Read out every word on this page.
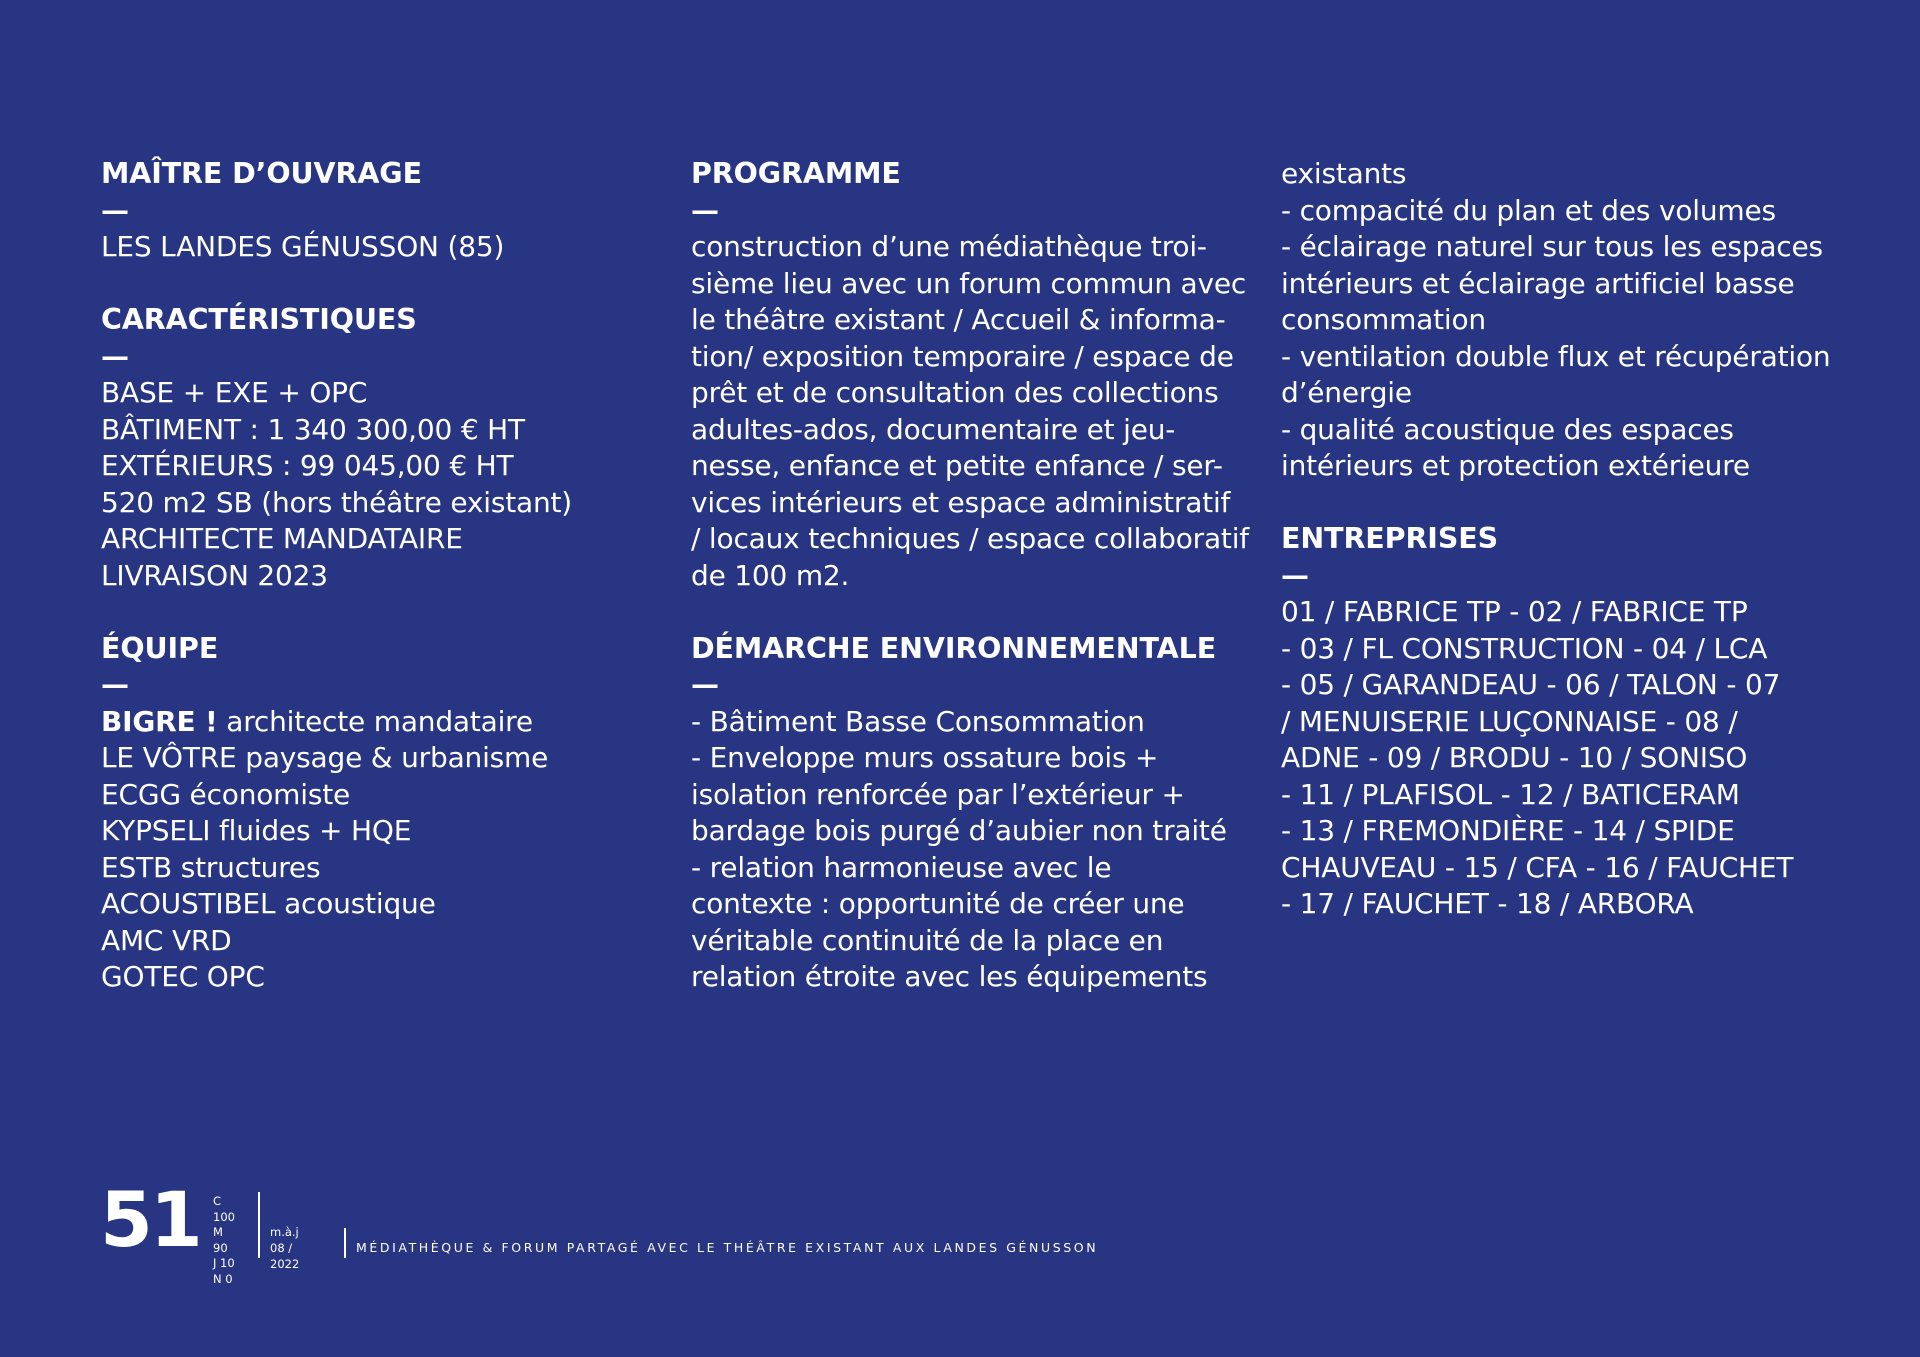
MAÎTRE D’OUVRAGE
—
LES LANDES GÉNUSSON (85)
CARACTÉRISTIQUES
—
BASE + EXE + OPC
BÂTIMENT : 1 340 300,00 € HT
EXTÉRIEURS : 99 045,00 € HT
520 m2 SB (hors théâtre existant)
ARCHITECTE MANDATAIRE
LIVRAISON 2023
ÉQUIPE
—
BIGRE ! architecte mandataire
LE VÔTRE paysage & urbanisme
ECGG économiste
KYPSELI fluides + HQE
ESTB structures
ACOUSTIBEL acoustique
AMC VRD
GOTEC OPC
PROGRAMME
—
construction d’une médiathèque troi-
sième lieu avec un forum commun avec
le théâtre existant / Accueil & informa-
tion/ exposition temporaire / espace de
prêt et de consultation des collections
adultes-ados, documentaire et jeu-
nesse, enfance et petite enfance / ser-
vices intérieurs et espace administratif
/ locaux techniques / espace collaboratif
de 100 m2.
DÉMARCHE ENVIRONNEMENTALE
—
- Bâtiment Basse Consommation
- Enveloppe murs ossature bois +
isolation renforcée par l’extérieur +
bardage bois purgé d’aubier non traité
- relation harmonieuse avec le
contexte : opportunité de créer une
véritable continuité de la place en
relation étroite avec les équipements
existants
- compacité du plan et des volumes
- éclairage naturel sur tous les espaces
intérieurs et éclairage artificiel basse
consommation
- ventilation double flux et récupération
d’énergie
- qualité acoustique des espaces
intérieurs et protection extérieure
ENTREPRISES
—
01 / FABRICE TP - 02 / FABRICE TP
- 03 / FL CONSTRUCTION - 04 / LCA
- 05 / GARANDEAU - 06 / TALON - 07
/ MENUISERIE LUÇONNAISE - 08 /
ADNE - 09 / BRODU - 10 / SONISO
- 11 / PLAFISOL - 12 / BATICERAM
- 13 / FREMONDIÈRE - 14 / SPIDE
CHAUVEAU - 15 / CFA - 16 / FAUCHET
- 17 / FAUCHET - 18 / ARBORA
51 C 100
M 90
J 10
N 0
m.à.j
08 / 2022
MÉDIATHÈQUE & FORUM PARTAGÉ AVEC LE THÉÂTRE EXISTANT AUX LANDES GÉNUSSON
